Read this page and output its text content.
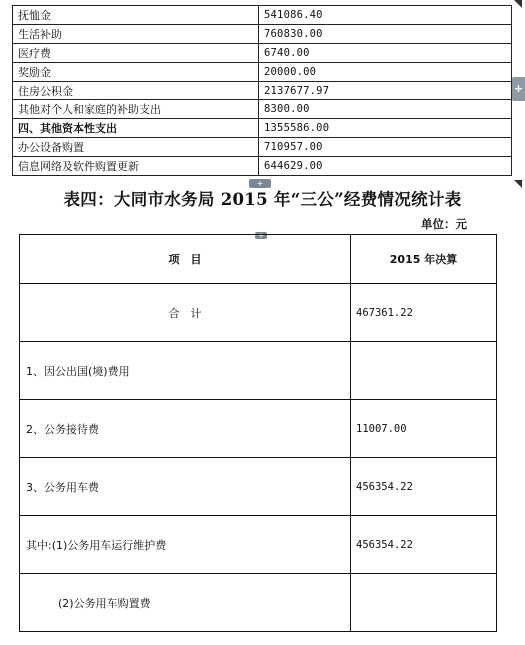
抚恤金	541086.40
生活补助	760830.00
医疗费	6740.00
奖励金	20000.00
住房公积金	2137677.97
其他对个人和家庭的补助支出	8300.00
四、其他资本性支出	1355586.00
办公设备购置	710957.00
信息网络及软件购置更新	644629.00
+
+
表四：大同市水务局 2015 年“三公”经费情况统计表
单位：元
+
项　目	2015 年决算
合　计	467361.22
1、因公出国(境)费用	
2、公务接待费	11007.00
3、公务用车费	456354.22
其中:(1)公务用车运行维护费	456354.22
(2)公务用车购置费	
